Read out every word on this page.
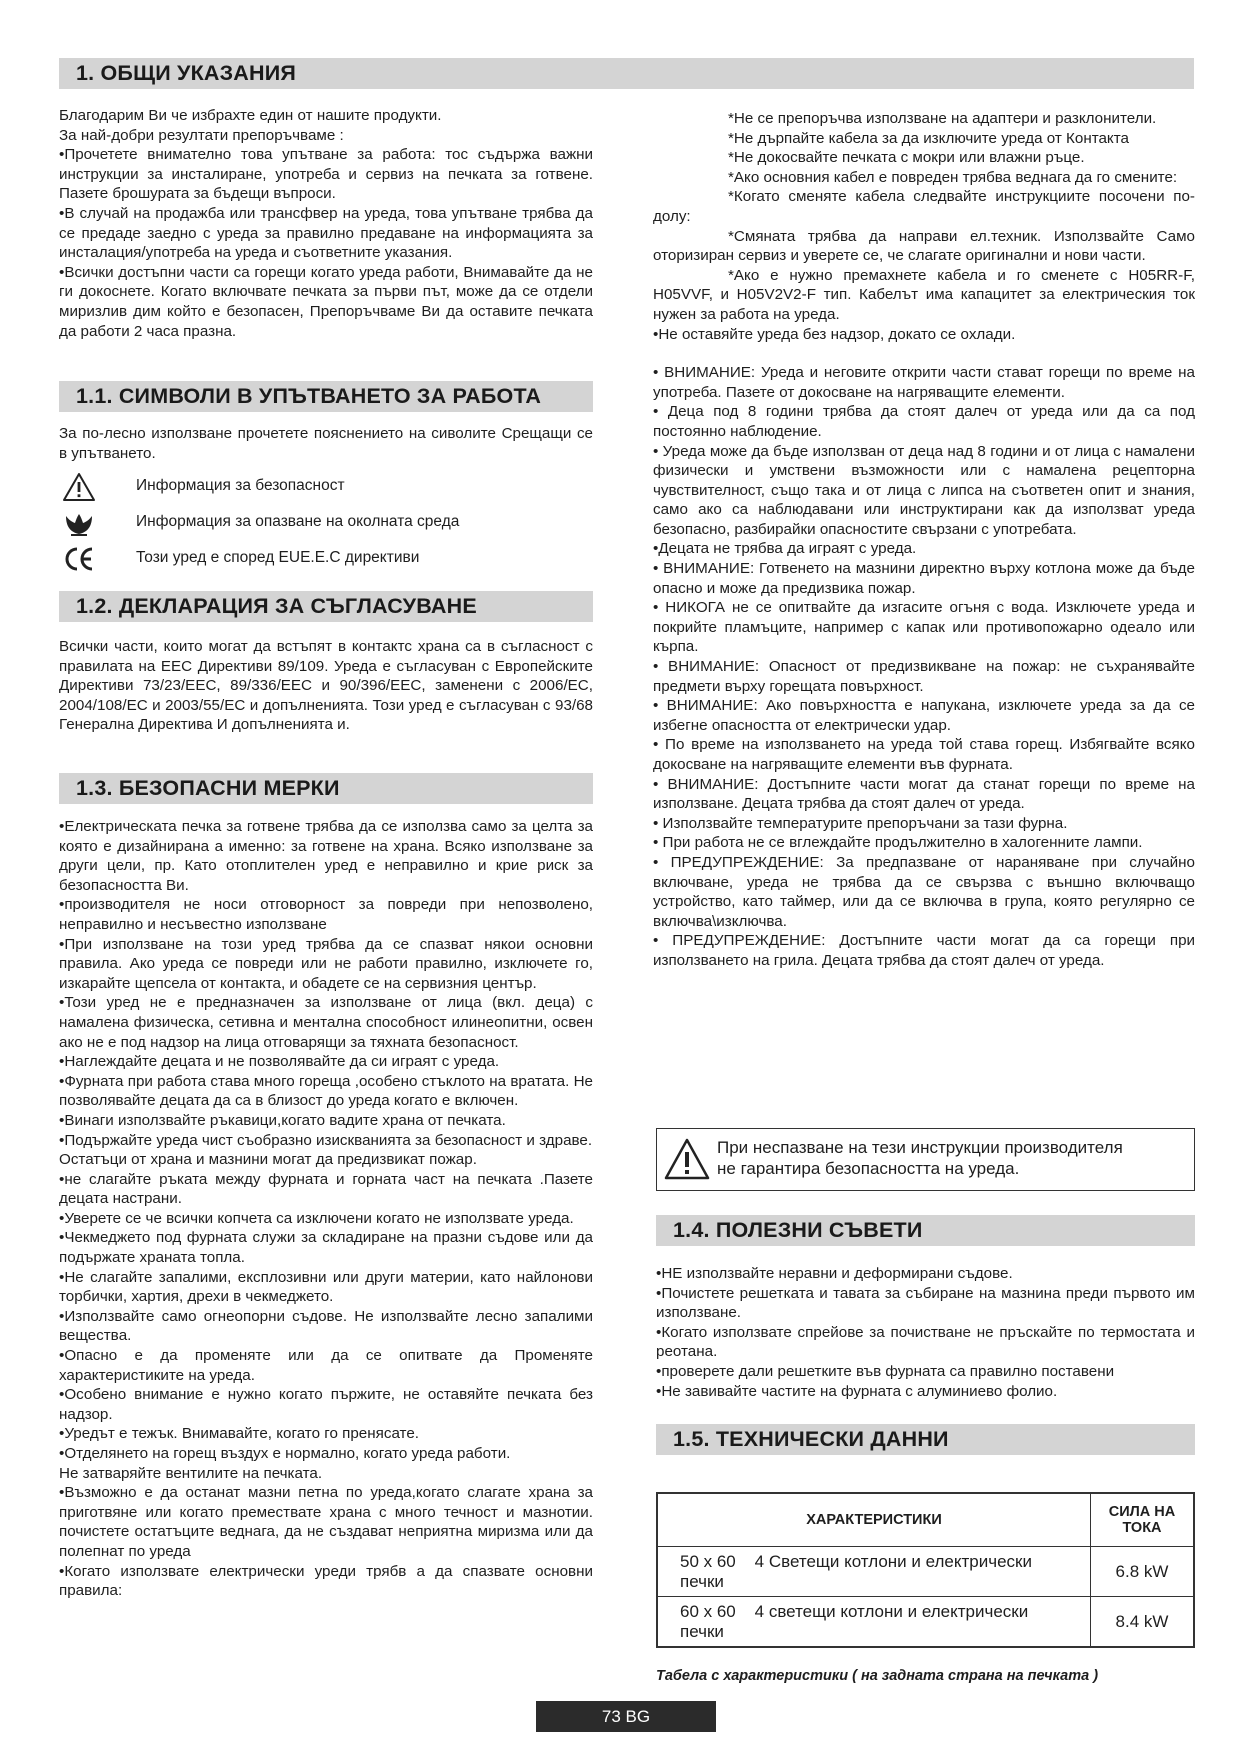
1. ОБЩИ УКАЗАНИЯ

Благодарим Ви че избрахте един от нашите продукти.

За най-добри резултати препоръчваме :

•Прочетете внимателно това упътване за работа: тос съдържа важни инструкции за инсталиране, употреба и сервиз на печката за готвене. Пазете брошурата за бъдещи въпроси.

•В случай на продажба или трансфвер на уреда, това упътване трябва да се предаде заедно с уреда за правилно предаване на информацията за инсталация/употреба на уреда и съответните указания.

•Всички достъпни части са горещи когато уреда работи, Внимавайте да не ги докоснете. Когато включвате печката за първи път, може да се отдели миризлив дим който е безопасен, Препоръчваме Ви да оставите печката да работи 2 часа празна.

1.1. СИМВОЛИ В УПЪТВАНЕТО ЗА РАБОТА

За по-лесно използване прочетете пояснението на сиволите Срещащи се в упътването.

Информация за безопасност
Информация за опазване на околната среда
Този уред е според EUE.E.C директиви
1.2. ДЕКЛАРАЦИЯ ЗА СЪГЛАСУВАНЕ

Всички части, които могат да встъпят в контактс храна са в съгласност с правилата на ЕЕС Директиви 89/109. Уреда е съгласуван с Европейските Директиви 73/23/EEC, 89/336/EEC и 90/396/EEC, заменени с 2006/EC, 2004/108/EC и 2003/55/EC и допълненията. Този уред е съгласуван с 93/68 Генерална Директива И допълненията и.

1.3. БЕЗОПАСНИ МЕРКИ

•Електрическата печка за готвене трябва да се използва само за целта за която е дизайнирана а именно: за готвене на храна. Всяко използване за други цели, пр. Като отоплителен уред е неправилно и крие риск за безопасността Ви.

•производителя не носи отговорност за повреди при непозволено, неправилно и несъвестно използване

•При използване на този уред трябва да се спазват някои основни правила. Ако уреда се повреди или не работи правилно, изключете го, изкарайте щепсела от контакта, и обадете се на сервизния център.

•Този уред не е предназначен за използване от лица (вкл. деца) с намалена физическа, сетивна и ментална способност илинеопитни, освен ако не е под надзор на лица отговарящи за тяхната безопасност.

•Наглеждайте децата и не позволявайте да си играят с уреда.

•Фурната при работа става много гореща ,особено стъклото на вратата. Не позволявайте децата да са в близост до уреда когато е включен.

•Винаги използвайте ръкавици,когато вадите храна от печката.

•Подържайте уреда чист съобразно изискванията за безопасност и здраве.

Остатъци от храна и мазнини могат да предизвикат пожар.

•не слагайте ръката между фурната и горната част на печката .Пазете децата настрани.

•Уверете се че всички копчета са изключени когато не използвате уреда.

•Чекмеджето под фурната служи за складиране на празни съдове или да подържате храната топла.

•Не слагайте запалими, експлозивни или други материи, като найлонови торбички, хартия, дрехи в чекмеджето.

•Използвайте само огнеопорни съдове. Не използвайте лесно запалими веществa.

•Опасно е да променяте или да се опитвате да Променяте характеристиките на уреда.

•Особено внимание е нужно когато пържите, не оставяйте печката без надзор.

•Уредът е тежък. Внимавайте, когато го пренясате.

•Отделянето на горещ въздух е нормално, когато уреда работи.

Не затваряйте вентилите на печката.

•Възможно е да останат мазни петна по уреда,когато слагате храна за приготвяне или когато премествате храна с много течност и мазнотии. почистете остатъците веднага, да не създават неприятна миризма или да полепнат по уреда

•Когато използвате електрически уреди трябв а да спазвате основни правила:

*Не се препоръчва използване на адаптери и разклонители.

*Не дърпайте кабела за да изключите уреда от Контакта

*Не докосвайте печката с мокри или влажни ръце.

*Ако основния кабел е повреден трябва веднага да го смените:

*Когато сменяте кабела следвайте инструкциите посочени по-долу:

*Смяната трябва да направи ел.техник. Използвайте Само оторизиран сервиз и уверете се, че слагате оригинални и нови части.

*Ако е нужно премахнете кабела и го сменете с H05RR-F, H05VVF, и H05V2V2-F тип. Кабелът има капацитет за електрическия ток нужен за работа на уреда.

•Не оставяйте уреда без надзор, докато се охлади.

• ВНИМАНИЕ: Уреда и неговите открити части стават горещи по време на употреба. Пазете от докосване на нагряващите елементи.

• Деца под 8 години трябва да стоят далеч от уреда или да са под постоянно наблюдение.

• Уреда може да бъде използван от деца над 8 години и от лица с намалени физически и умствени възможности или с намалена рецепторна чувствителност, също така и от лица с липса на съответен опит и знания, само ако са наблюдавани или инструктирани как да използват уреда безопасно, разбирайки опасностите свързани с употребата.

•Децата не трябва да играят с уреда.

• ВНИМАНИЕ: Готвенето на мазнини директно върху котлона може да бъде опасно и може да предизвика пожар.

• НИКОГА не се опитвайте да изгасите огъня с вода. Изключете уреда и покрийте пламъците, например с капак или противопожарно одеало или кърпа.

• ВНИМАНИЕ: Опасност от предизвикване на пожар: не съхранявайте предмети върху горещата повърхност.

• ВНИМАНИЕ: Ако повърхността е напукана, изключете уреда за да се избегне опасността от електрически удар.

• По време на използването на уреда той става горещ. Избягвайте всяко докосване на нагряващите елементи във фурната.

• ВНИМАНИЕ: Достъпните части могат да станат горещи по време на използване. Децата трябва да стоят далеч от уреда.

• Използвайте температурите препоръчани за тази фурна.

• При работа не се вглеждайте продължително в халогенните лампи.

• ПРЕДУПРЕЖДЕНИЕ: За предпазване от нараняване при случайно включване, уреда не трябва да се свързва с външно включващо устройство, като таймер, или да се включва в група, която регулярно се включва\изключва.

• ПРЕДУПРЕЖДЕНИЕ: Достъпните части могат да са горещи при използването на грила. Децата трябва да стоят далеч от уреда.

При неспазване на тези инструкции производителя
не гарантира безопасността на уреда.
1.4. ПОЛЕЗНИ СЪВЕТИ

•НЕ използвайте неравни и деформирани съдове.

•Почистете решетката и тавата за събиране на мазнина преди първото им използване.

•Когато използвате спрейове за почистване не пръскайте по термостата и реотана.

•проверете дали решетките във фурната са правилно поставени

•Не завивайте частите на фурната с алуминиево фолио.

1.5. ТЕХНИЧЕСКИ ДАННИ
ХАРАКТЕРИСТИКИ	СИЛА НА ТОКА
50 x 60    4 Светещи котлони и електрически печки	6.8 kW
60 x 60    4 светещи котлони и електрически печки	8.4 kW
Табела с характеристики ( на задната страна на печката )
73 BG
